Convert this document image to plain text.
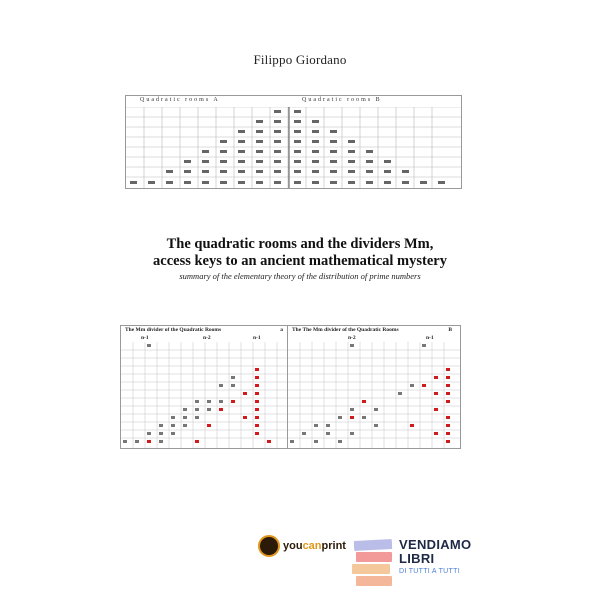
Filippo Giordano
Quadratic rooms A	Quadratic rooms B
The quadratic rooms and the dividers Mm,
access keys to an ancient mathematical mystery
summary of the elementary theory of the distribution of prime numbers
The Mm divider of the Quadratic Rooms	a
n-1	n-2	n-1
The The Mm divider of the Quadratic Rooms	B
n-2	n-1
youcanprint	VENDIAMO
LIBRI
DI TUTTI A TUTTI
